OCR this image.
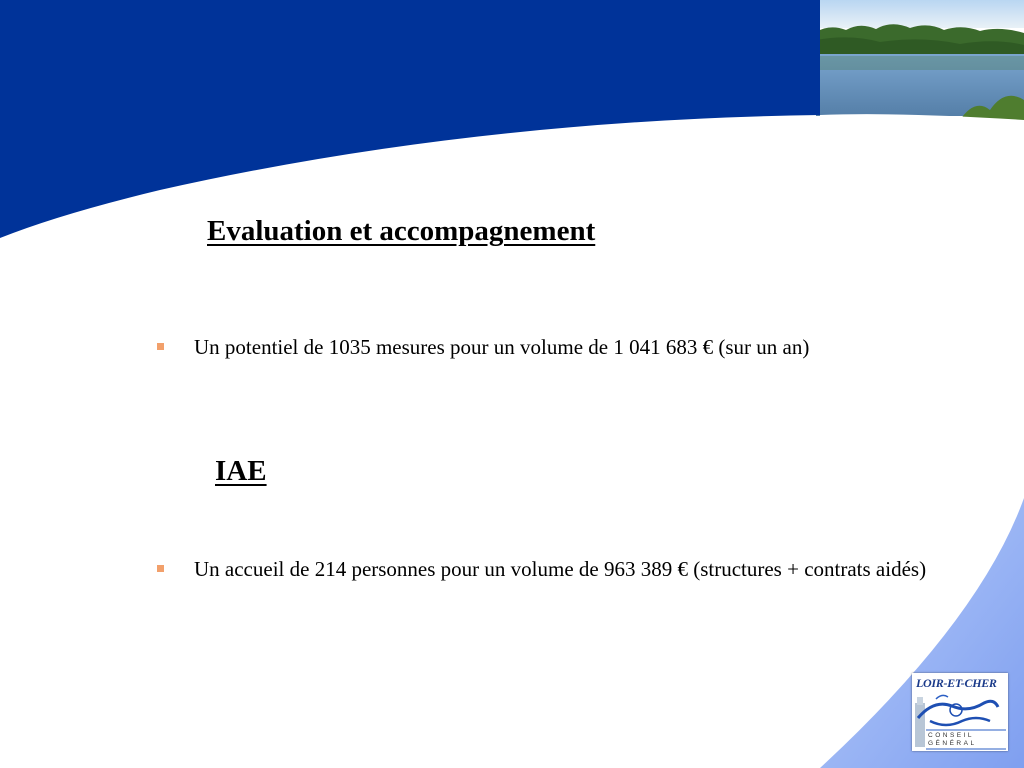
Evaluation et accompagnement

Un potentiel de 1035 mesures pour un volume de 1 041 683 € (sur un an)

IAE

Un accueil de 214 personnes pour un volume de 963 389 € (structures + contrats aidés)

LOIR-ET-CHER
CONSEIL
GÉNÉRAL
